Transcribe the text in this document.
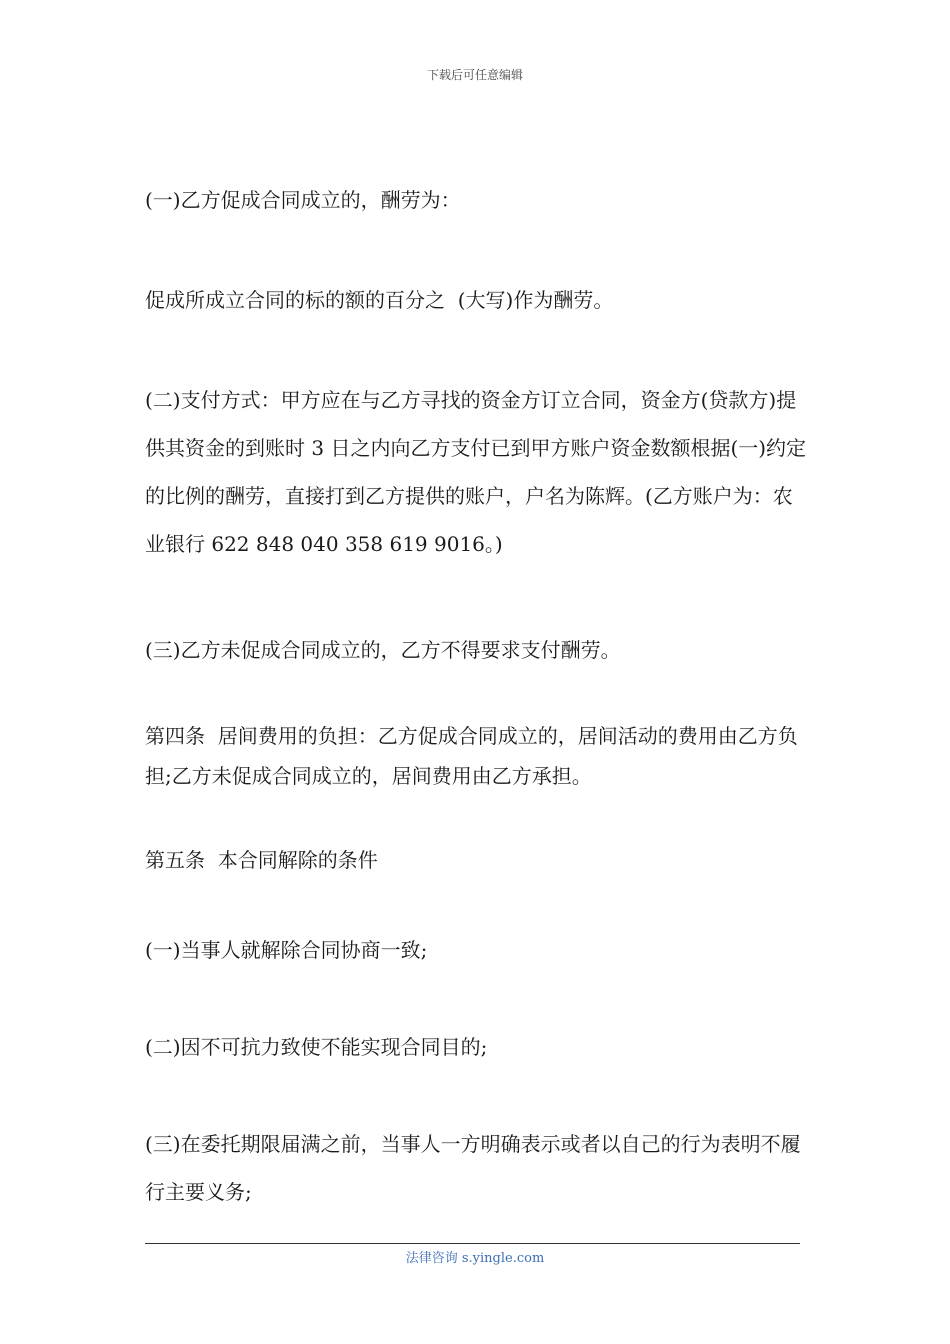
下载后可任意编辑

(一)乙方促成合同成立的，酬劳为：

促成所成立合同的标的额的百分之  (大写)作为酬劳。

(二)支付方式：甲方应在与乙方寻找的资金方订立合同，资金方(贷款方)提供其资金的到账时 3 日之内向乙方支付已到甲方账户资金数额根据(一)约定的比例的酬劳，直接打到乙方提供的账户，户名为陈辉。(乙方账户为：农业银行 622 848 040 358 619 9016。)

(三)乙方未促成合同成立的，乙方不得要求支付酬劳。

第四条  居间费用的负担：乙方促成合同成立的，居间活动的费用由乙方负担;乙方未促成合同成立的，居间费用由乙方承担。

第五条  本合同解除的条件

(一)当事人就解除合同协商一致;

(二)因不可抗力致使不能实现合同目的;

(三)在委托期限届满之前，当事人一方明确表示或者以自己的行为表明不履行主要义务;

法律咨询 s.yingle.com
